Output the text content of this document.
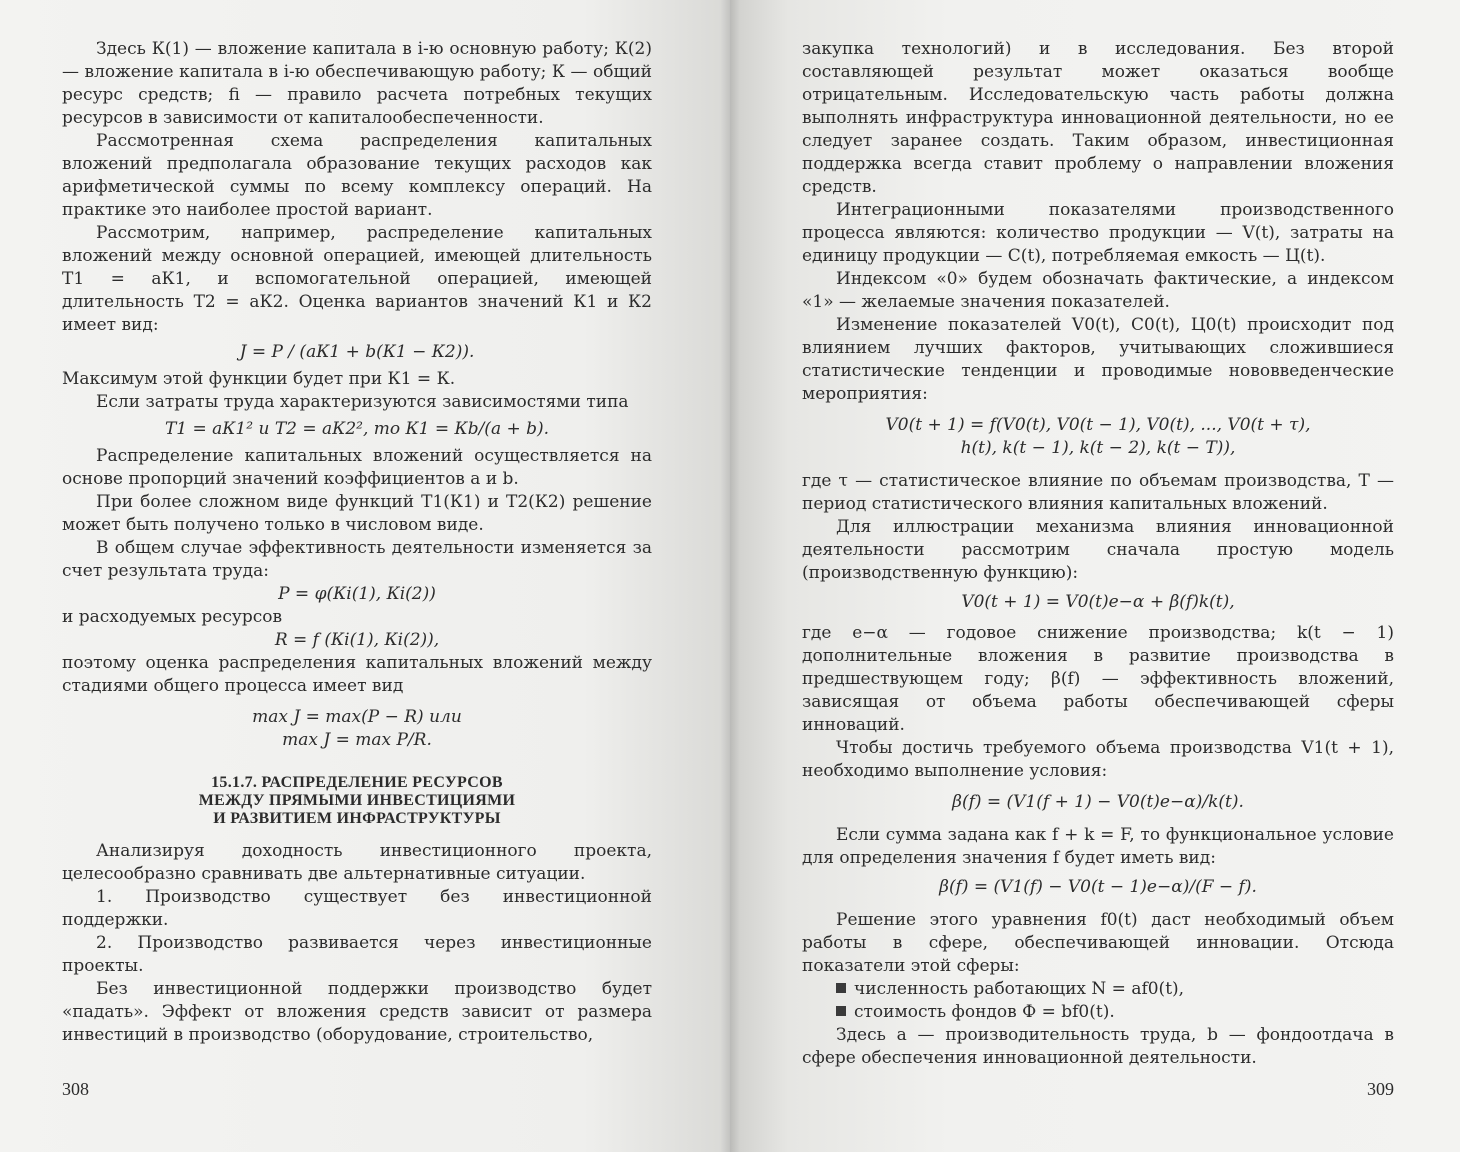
Здесь К(1) — вложение капитала в i-ю основную работу; К(2) — вложение капитала в i-ю обеспечивающую работу; К — общий ресурс средств; fi — правило расчета потребных текущих ресурсов в зависимости от капиталообеспеченности.

Рассмотренная схема распределения капитальных вложений предполагала образование текущих расходов как арифметической суммы по всему комплексу операций. На практике это наиболее простой вариант.

Рассмотрим, например, распределение капитальных вложений между основной операцией, имеющей длительность Т1 = aК1, и вспомогательной операцией, имеющей длительность Т2 = aК2. Оценка вариантов значений К1 и К2 имеет вид:

J = Р / (aК1 + b(К1 − К2)).

Максимум этой функции будет при К1 = К.

Если затраты труда характеризуются зависимостями типа

Т1 = aК1² и Т2 = aК2², то К1 = Кb/(a + b).

Распределение капитальных вложений осуществляется на основе пропорций значений коэффициентов a и b.

При более сложном виде функций Т1(К1) и Т2(К2) решение может быть получено только в числовом виде.

В общем случае эффективность деятельности изменяется за счет результата труда:

Р = φ(Кi(1), Кi(2))

и расходуемых ресурсов

R = f (Кi(1), Кi(2)),

поэтому оценка распределения капитальных вложений между стадиями общего процесса имеет вид

max J = max(Р − R) или
max J = max Р/R.
15.1.7. РАСПРЕДЕЛЕНИЕ РЕСУРСОВ
МЕЖДУ ПРЯМЫМИ ИНВЕСТИЦИЯМИ
И РАЗВИТИЕМ ИНФРАСТРУКТУРЫ

Анализируя доходность инвестиционного проекта, целесообразно сравнивать две альтернативные ситуации.

1. Производство существует без инвестиционной поддержки.

2. Производство развивается через инвестиционные проекты.

Без инвестиционной поддержки производство будет «падать». Эффект от вложения средств зависит от размера инвестиций в производство (оборудование, строительство,

308

закупка технологий) и в исследования. Без второй составляющей результат может оказаться вообще отрицательным. Исследовательскую часть работы должна выполнять инфраструктура инновационной деятельности, но ее следует заранее создать. Таким образом, инвестиционная поддержка всегда ставит проблему о направлении вложения средств.

Интеграционными показателями производственного процесса являются: количество продукции — V(t), затраты на единицу продукции — С(t), потребляемая емкость — Ц(t).

Индексом «0» будем обозначать фактические, а индексом «1» — желаемые значения показателей.

Изменение показателей V0(t), С0(t), Ц0(t) происходит под влиянием лучших факторов, учитывающих сложившиеся статистические тенденции и проводимые нововведенческие мероприятия:

V0(t + 1) = f(V0(t), V0(t − 1), V0(t), ..., V0(t + τ),
h(t), k(t − 1), k(t − 2), k(t − T)),

где τ — статистическое влияние по объемам производства, T — период статистического влияния капитальных вложений.

Для иллюстрации механизма влияния инновационной деятельности рассмотрим сначала простую модель (производственную функцию):

V0(t + 1) = V0(t)e−α + β(f)k(t),

где e−α — годовое снижение производства; k(t − 1) дополнительные вложения в развитие производства в предшествующем году; β(f) — эффективность вложений, зависящая от объема работы обеспечивающей сферы инноваций.

Чтобы достичь требуемого объема производства V1(t + 1), необходимо выполнение условия:

β(f) = (V1(f + 1) − V0(t)e−α)/k(t).

Если сумма задана как f + k = F, то функциональное условие для определения значения f будет иметь вид:

β(f) = (V1(f) − V0(t − 1)e−α)/(F − f).

Решение этого уравнения f0(t) даст необходимый объем работы в сфере, обеспечивающей инновации. Отсюда показатели этой сферы:

численность работающих N = af0(t),

стоимость фондов Ф = bf0(t).

Здесь a — производительность труда, b — фондоотдача в сфере обеспечения инновационной деятельности.

309
